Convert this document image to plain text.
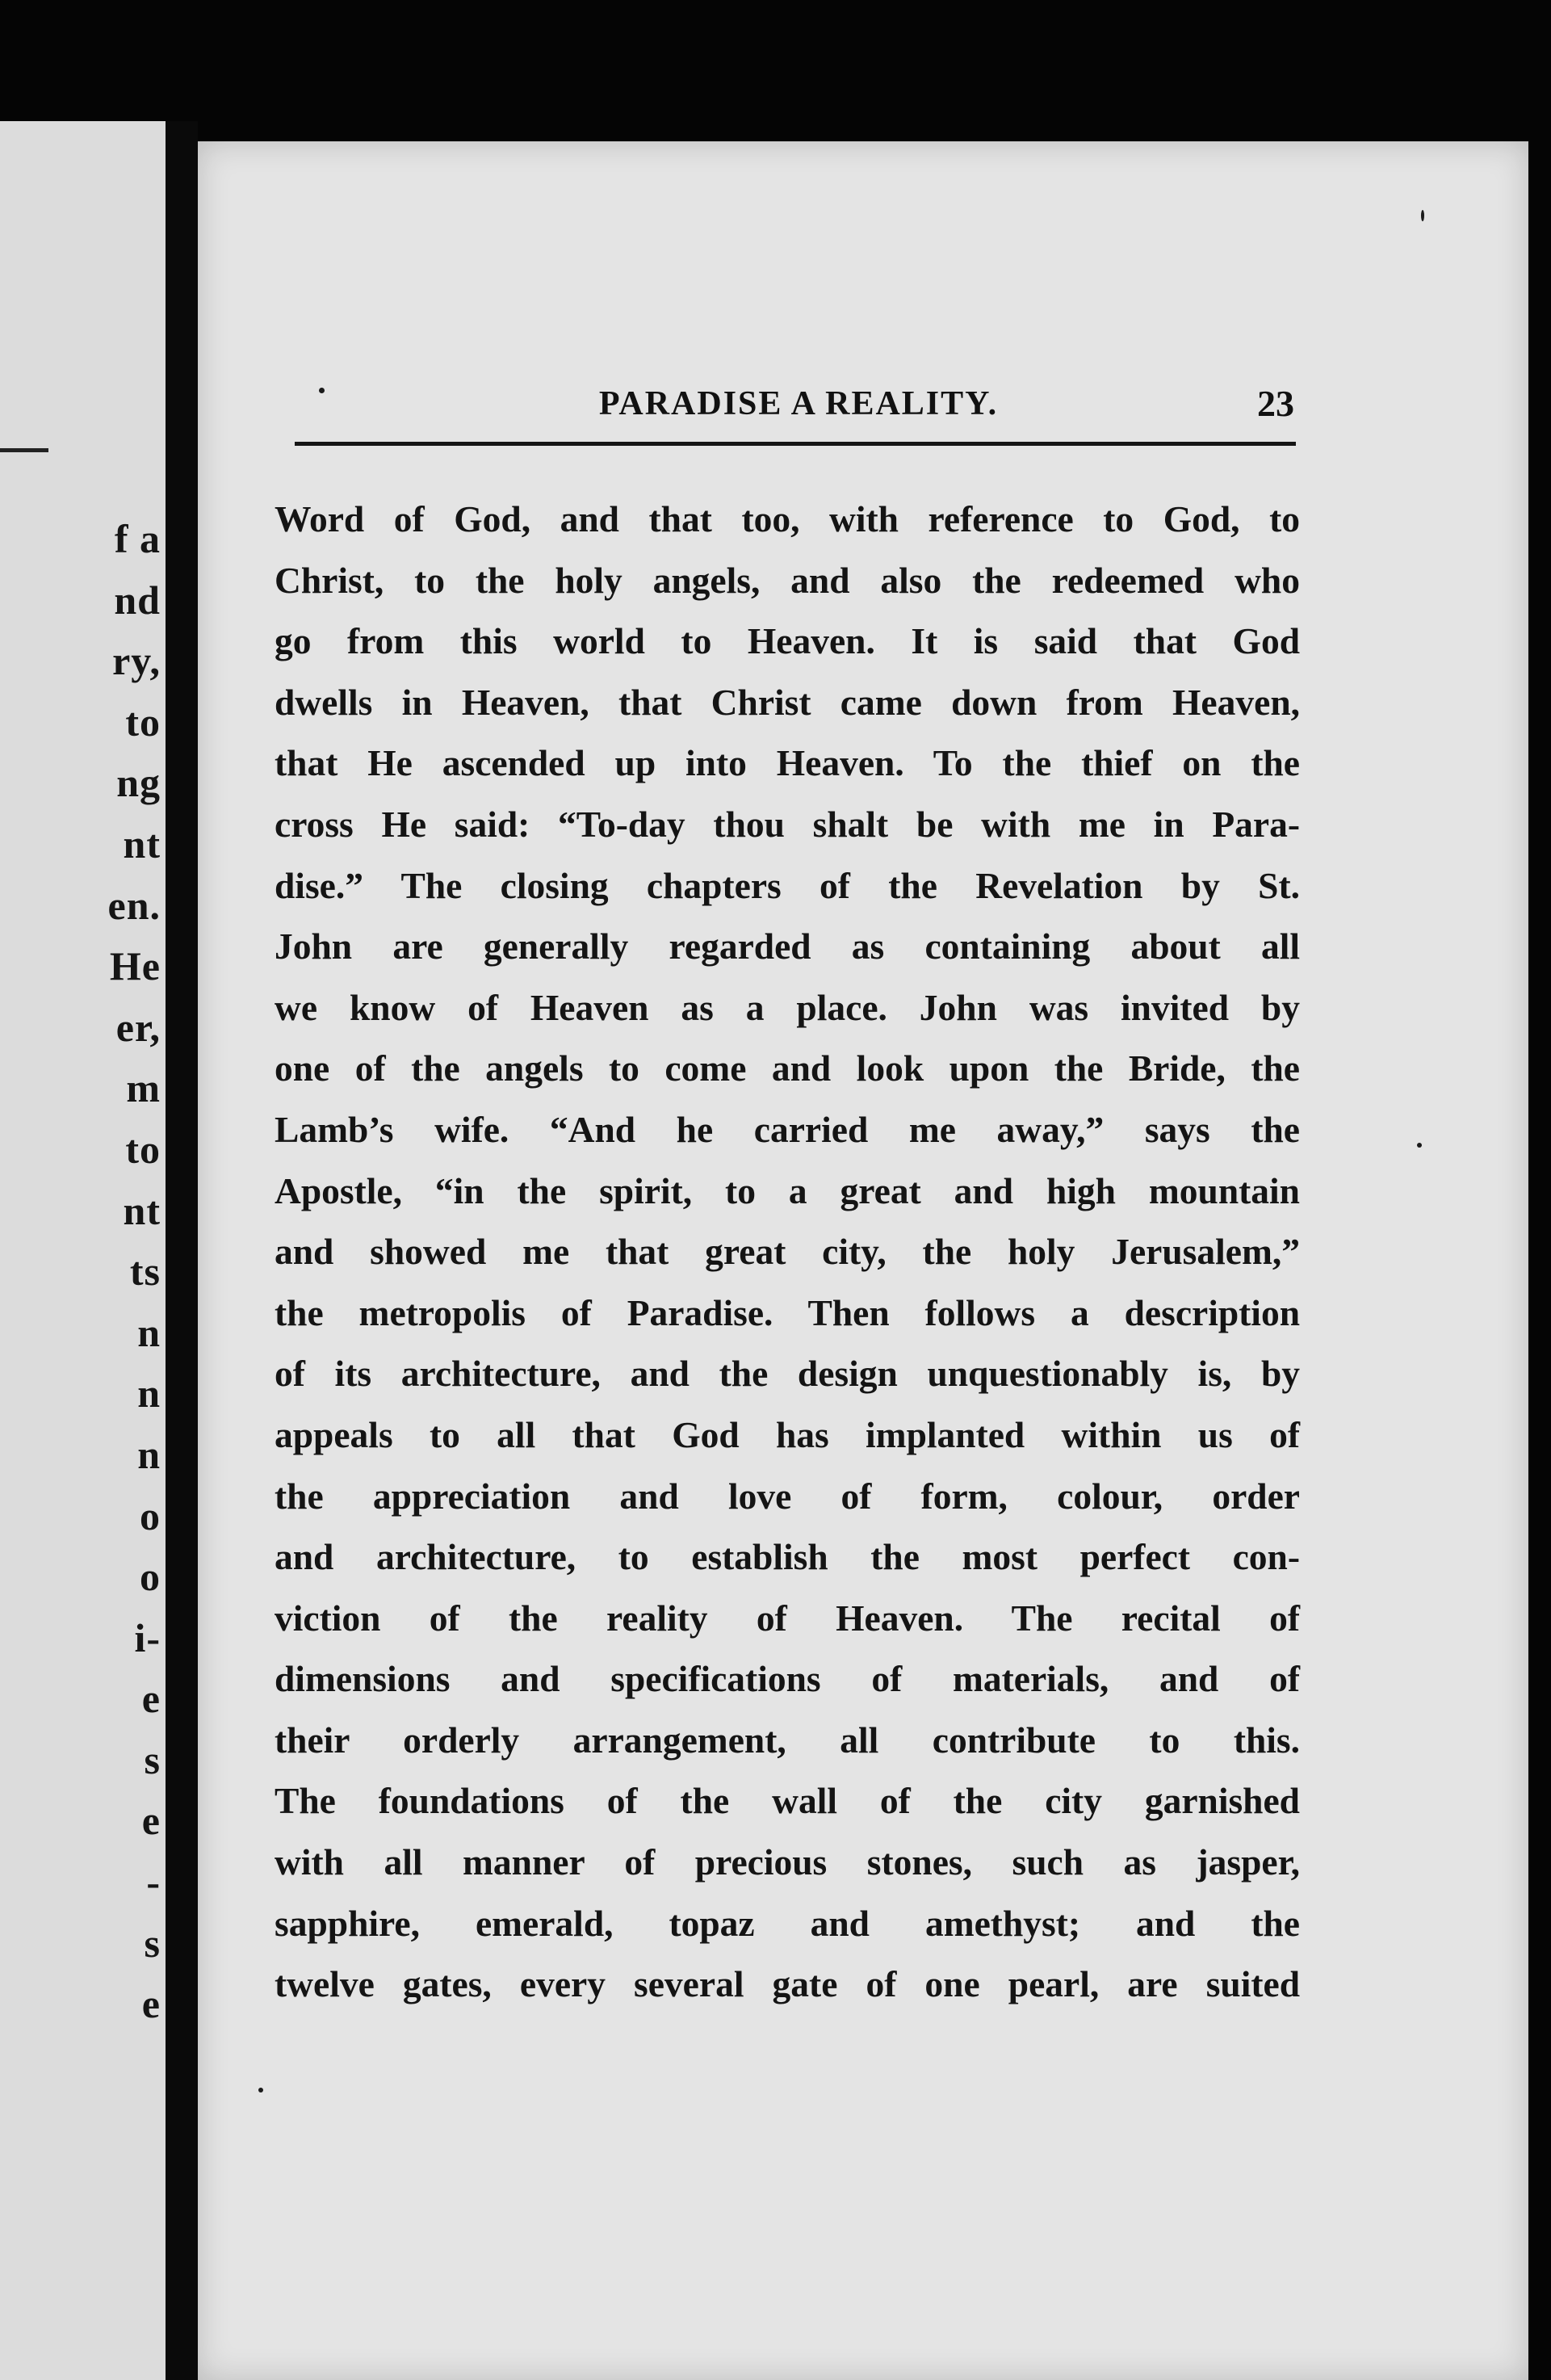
f a
nd
ry,
to
ng
nt
en.
He
er,
m
to
nt
ts
n
n
n
o
o
i-
e
s
e
-
s
e
PARADISE A REALITY.	23
Word of God, and that too, with reference to God, to
Christ, to the holy angels, and also the redeemed who
go from this world to Heaven. It is said that God
dwells in Heaven, that Christ came down from Heaven,
that He ascended up into Heaven. To the thief on the
cross He said: “To-day thou shalt be with me in Para-
dise.” The closing chapters of the Revelation by St.
John are generally regarded as containing about all
we know of Heaven as a place. John was invited by
one of the angels to come and look upon the Bride, the
Lamb’s wife. “And he carried me away,” says the
Apostle, “in the spirit, to a great and high mountain
and showed me that great city, the holy Jerusalem,”
the metropolis of Paradise. Then follows a description
of its architecture, and the design unquestionably is, by
appeals to all that God has implanted within us of
the appreciation and love of form, colour, order
and architecture, to establish the most perfect con-
viction of the reality of Heaven. The recital of
dimensions and specifications of materials, and of
their orderly arrangement, all contribute to this.
The foundations of the wall of the city garnished
with all manner of precious stones, such as jasper,
sapphire, emerald, topaz and amethyst; and the
twelve gates, every several gate of one pearl, are suited
